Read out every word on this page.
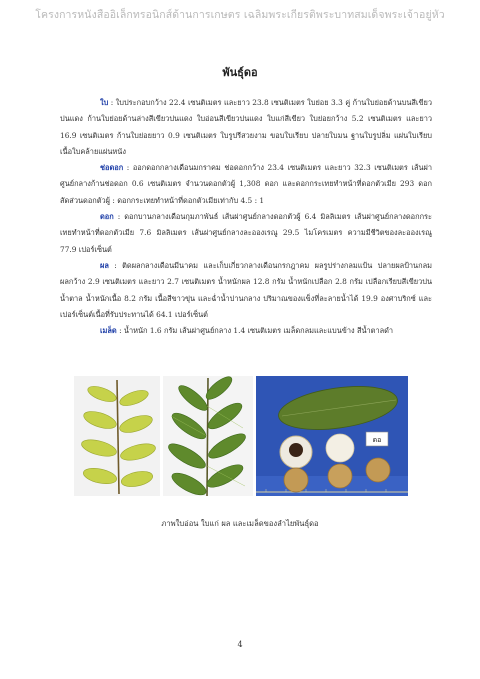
โครงการหนังสืออิเล็กทรอนิกส์ด้านการเกษตร เฉลิมพระเกียรติพระบาทสมเด็จพระเจ้าอยู่หัว
พันธุ์ดอ

ใบ : ใบประกอบกว้าง 22.4 เซนติเมตร และยาว 23.8 เซนติเมตร ใบย่อย 3.3 คู่ ก้านใบย่อยด้านบนสีเขียวปนแดง ก้านใบย่อยด้านล่างสีเขียวปนแดง ใบอ่อนสีเขียวปนแดง ใบแก่สีเขียว ใบย่อยกว้าง 5.2 เซนติเมตร และยาว 16.9 เซนติเมตร ก้านใบย่อยยาว 0.9 เซนติเมตร ใบรูปรีสวยงาม ขอบใบเรียบ ปลายใบมน ฐานใบรูปลิ่ม แผ่นใบเรียบ เนื้อใบคล้ายแผ่นหนัง

ช่อดอก : ออกดอกกลางเดือนมกราคม ช่อดอกกว้าง 23.4 เซนติเมตร และยาว 32.3 เซนติเมตร เส้นผ่าศูนย์กลางก้านช่อดอก 0.6 เซนติเมตร จำนวนดอกตัวผู้ 1,308 ดอก และดอกกระเทยทำหน้าที่ดอกตัวเมีย 293 ดอก สัดส่วนดอกตัวผู้ : ดอกกระเทยทำหน้าที่ดอกตัวเมียเท่ากับ 4.5 : 1

ดอก : ดอกบานกลางเดือนกุมภาพันธ์ เส้นผ่าศูนย์กลางดอกตัวผู้ 6.4 มิลลิเมตร เส้นผ่าศูนย์กลางดอกกระเทยทำหน้าที่ดอกตัวเมีย 7.6 มิลลิเมตร เส้นผ่าศูนย์กลางละอองเรณู 29.5 ไมโครเมตร ความมีชีวิตของละอองเรณู 77.9 เปอร์เซ็นต์

ผล : ติดผลกลางเดือนมีนาคม และเก็บเกี่ยวกลางเดือนกรกฎาคม ผลรูปร่างกลมแป้น ปลายผลป้านกลม ผลกว้าง 2.9 เซนติเมตร และยาว 2.7 เซนติเมตร น้ำหนักผล 12.8 กรัม น้ำหนักเปลือก 2.8 กรัม เปลือกเรียบสีเขียวปนน้ำตาล น้ำหนักเนื้อ 8.2 กรัม เนื้อสีขาวขุ่น และฉ่ำน้ำปานกลาง ปริมาณของแข็งที่ละลายน้ำได้ 19.9 องศาบริกซ์ และเปอร์เซ็นต์เนื้อที่รับประทานได้ 64.1 เปอร์เซ็นต์

เมล็ด : น้ำหนัก 1.6 กรัม เส้นผ่าศูนย์กลาง 1.4 เซนติเมตร เมล็ดกลมและแบนข้าง สีน้ำตาลดำ

ดอ
ภาพใบอ่อน ใบแก่ ผล และเมล็ดของลำไยพันธุ์ดอ
4
